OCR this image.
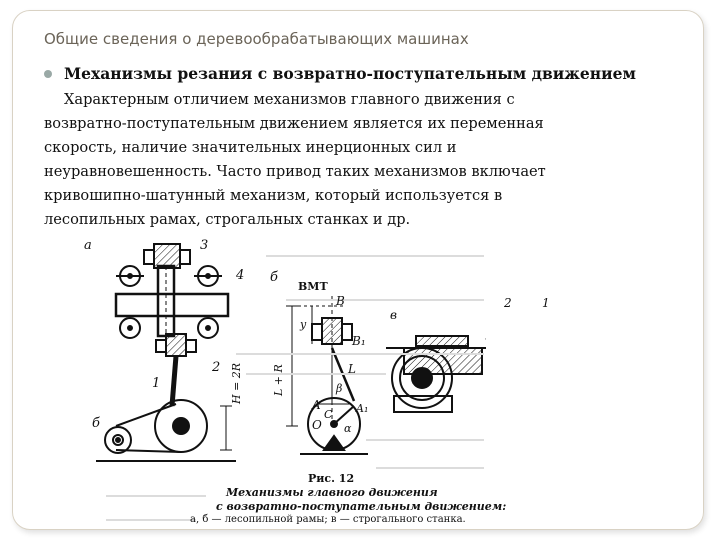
Общие сведения о деревообрабатывающих машинах
Механизмы резания с возвратно-поступательным движением
Характерным отличием механизмов главного движения с
возвратно-поступательным движением является их переменная
скорость, наличие значительных инерционных сил и
неуравновешенность. Часто привод таких механизмов включает
кривошипно-шатунный механизм, который используется в
лесопильных рамах, строгальных станках и др.
а	3
4
2
1
б
H = 2R
б
ВМТ
B
B₁
y
L + R	L
β
A	A₁
C
O α
в
2	1
Рис. 12
Механизмы главного движения
с возвратно-поступательным движением:
а, б — лесопильной рамы; в — строгального станка.
